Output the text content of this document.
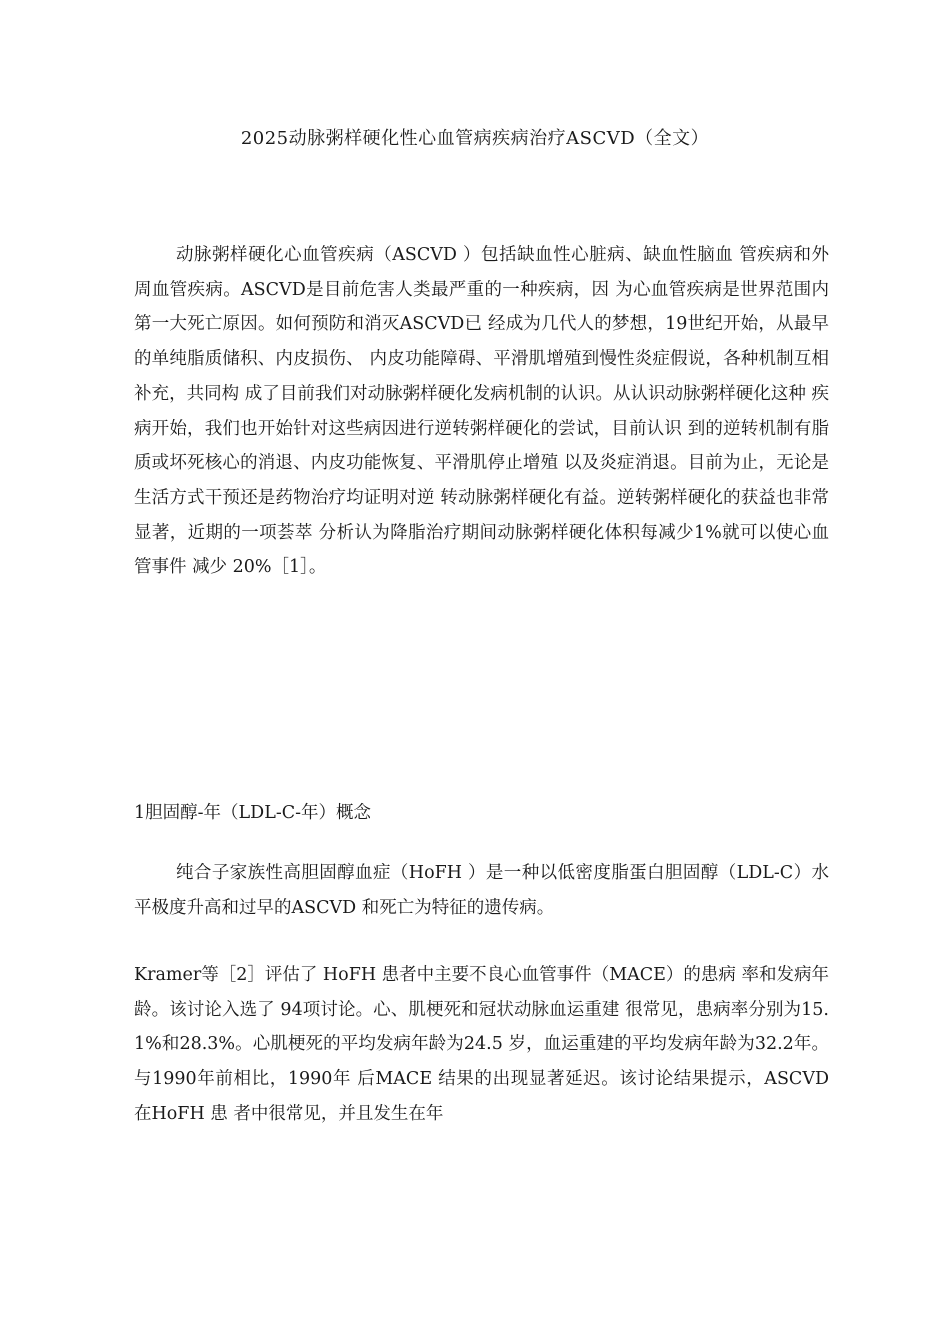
2025动脉粥样硬化性心血管病疾病治疗ASCVD（全文）
动脉粥样硬化心血管疾病（ASCVD ）包括缺血性心脏病、缺血性脑血 管疾病和外周血管疾病。ASCVD是目前危害人类最严重的一种疾病，因 为心血管疾病是世界范围内第一大死亡原因。如何预防和消灭ASCVD已 经成为几代人的梦想，19世纪开始，从最早的单纯脂质储积、内皮损伤、 内皮功能障碍、平滑肌增殖到慢性炎症假说，各种机制互相补充，共同构 成了目前我们对动脉粥样硬化发病机制的认识。从认识动脉粥样硬化这种 疾病开始，我们也开始针对这些病因进行逆转粥样硬化的尝试，目前认识 到的逆转机制有脂质或坏死核心的消退、内皮功能恢复、平滑肌停止增殖 以及炎症消退。目前为止，无论是生活方式干预还是药物治疗均证明对逆 转动脉粥样硬化有益。逆转粥样硬化的获益也非常显著，近期的一项荟萃 分析认为降脂治疗期间动脉粥样硬化体积每减少1%就可以使心血管事件 减少 20%［1］。
1胆固醇-年（LDL-C-年）概念
纯合子家族性高胆固醇血症（HoFH ）是一种以低密度脂蛋白胆固醇（LDL-C）水平极度升高和过早的ASCVD 和死亡为特征的遗传病。
Kramer等［2］评估了 HoFH 患者中主要不良心血管事件（MACE）的患病 率和发病年龄。该讨论入选了 94项讨论。心、肌梗死和冠状动脉血运重建 很常见，患病率分别为15.1%和28.3%。心肌梗死的平均发病年龄为24.5 岁，血运重建的平均发病年龄为32.2年。与1990年前相比，1990年 后MACE 结果的出现显著延迟。该讨论结果提示，ASCVD 在HoFH 患 者中很常见，并且发生在年
